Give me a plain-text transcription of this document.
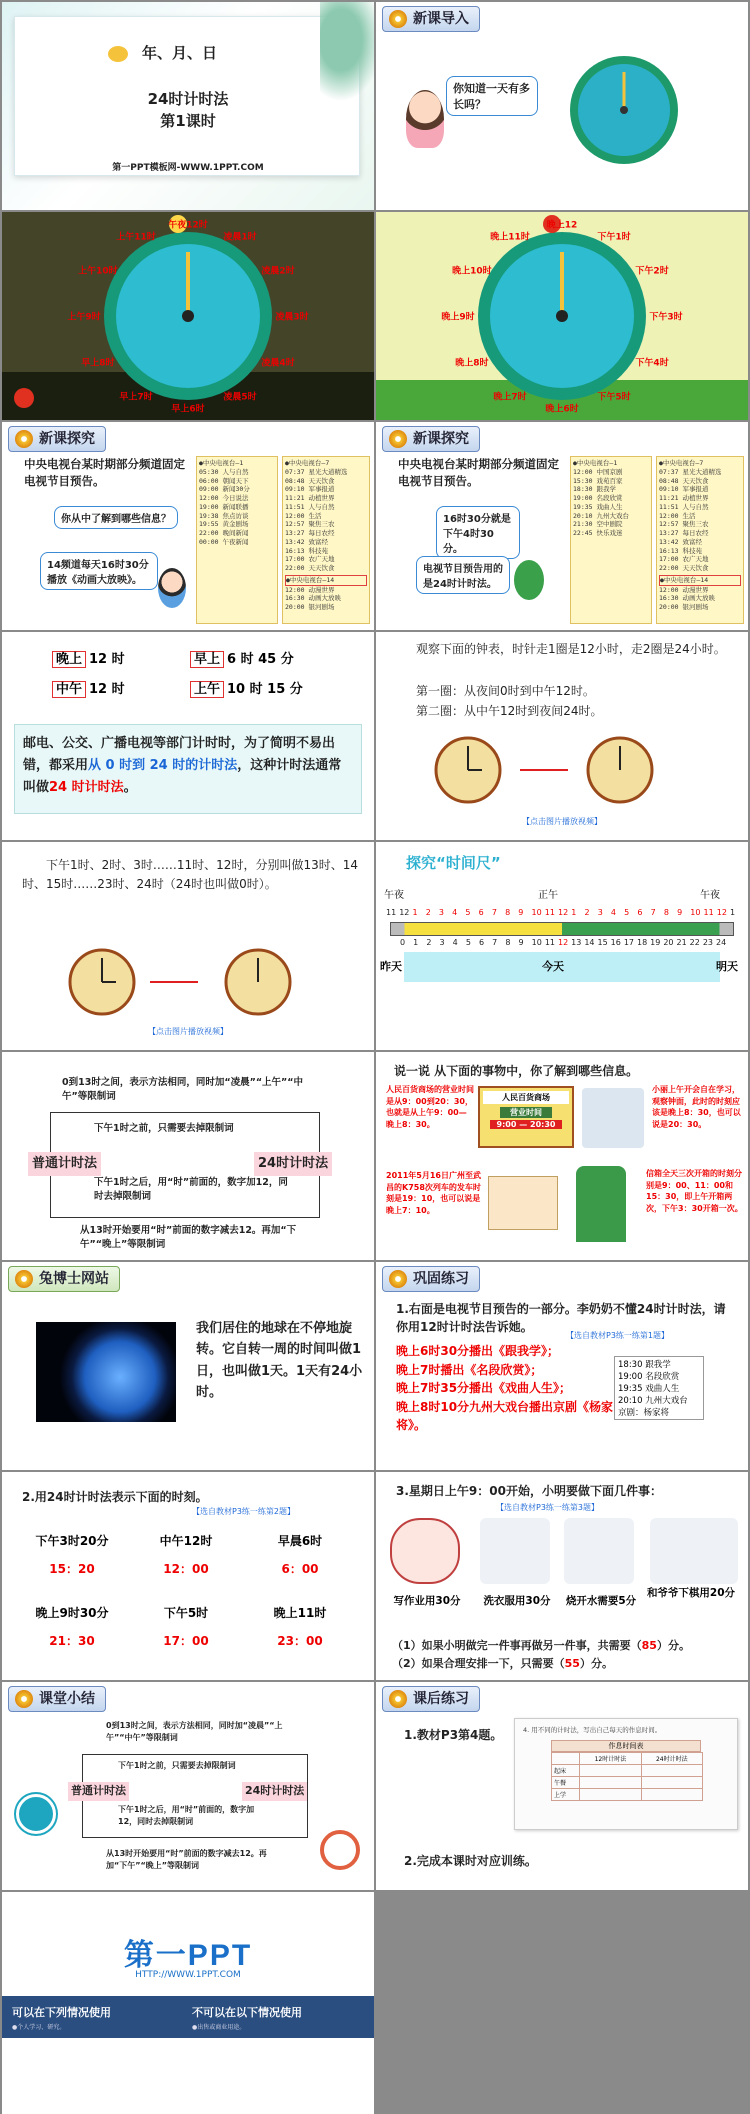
年、月、日
24时计时法
第1课时
第一PPT模板网-WWW.1PPT.COM
新课导入
你知道一天有多长吗？
午夜12时
凌晨1时
凌晨2时
凌晨3时
凌晨4时
凌晨5时
早上6时
早上7时
早上8时
上午9时
上午10时
上午11时
晚上12
下午1时
下午2时
下午3时
下午4时
下午5时
晚上6时
晚上7时
晚上8时
晚上9时
晚上10时
晚上11时
新课探究
中央电视台某时期部分频道固定电视节目预告。
你从中了解到哪些信息？
14频道每天16时30分播放《动画大放映》。
●中央电视台—1
05:30 人与自然
06:00 朝闻天下
09:00 新闻30分
12:00 今日说法
19:00 新闻联播
19:38 焦点访谈
19:55 黄金剧场
22:00 晚间新闻
00:00 午夜新闻
●中央电视台—7
07:37 星光大道精选
08:48 天天饮食
09:10 军事报道
11:21 动植世界
11:51 人与自然
12:00 生活
12:57 聚焦三农
13:27 每日农经
13:42 致富经
16:13 科技苑
17:00 农广天地
22:00 天天饮食
●中央电视台—14
12:00 动漫世界
16:30 动画大放映
20:00 银河剧场
新课探究
中央电视台某时期部分频道固定电视节目预告。
16时30分就是下午4时30分。
电视节目预告用的是24时计时法。
●中央电视台—1
12:00 中国京剧
15:30 戏苑百家
18:30 跟我学
19:00 名段欣赏
19:35 戏曲人生
20:10 九州大戏台
21:30 空中剧院
22:45 快乐戏迷
●中央电视台—7
07:37 星光大道精选
08:48 天天饮食
09:10 军事报道
11:21 动植世界
11:51 人与自然
12:00 生活
12:57 聚焦三农
13:27 每日农经
13:42 致富经
16:13 科技苑
17:00 农广天地
22:00 天天饮食
●中央电视台—14
12:00 动漫世界
16:30 动画大放映
20:00 银河剧场
晚上 12 时	早上 6 时 45 分
中午 12 时	上午 10 时 15 分
邮电、公交、广播电视等部门计时时，为了简明不易出错，都采用从 0 时到 24 时的计时法，这种计时法通常叫做24 时计时法。
观察下面的钟表，时针走1圈是12小时，走2圈是24小时。
第一圈：从夜间0时到中午12时。
第二圈：从中午12时到夜间24时。
【点击图片播放视频】
下午1时、2时、3时……11时、12时，分别叫做13时、14时、15时……23时、24时（24时也叫做0时）。
【点击图片播放视频】
探究“时间尺”
午夜	正午	午夜
11 12 1 2 3 4 5 6 7 8 9 10 11 12 1 2 3 4 5 6 7 8 9 10 11 12 1
0 1 2 3 4 5 6 7 8 9 10 11 12 13 14 15 16 17 18 19 20 21 22 23 24
昨天	今天	明天
0到13时之间，表示方法相同，同时加“凌晨”“上午”“中午”等限制词
下午1时之前，只需要去掉限制词
普通计时法	24时计时法
下午1时之后，用“时”前面的，数字加12，同时去掉限制词
从13时开始要用“时”前面的数字减去12。再加“下午”“晚上”等限制词
说一说 从下面的事物中，你了解到哪些信息。
人民百货商场的营业时间是从9：00到20：30，也就是从上午9：00—晚上8：30。
人民百货商场
营业时间
9:00 — 20:30
小丽上午开会自在学习，观察钟面，此时的时刻应该是晚上8：30，也可以说是20：30。
2011年5月16日广州至武昌的K758次列车的发车时刻是19：10，也可以说是晚上7：10。
信箱全天三次开箱的时刻分别是9：00、11：00和15：30，即上午开箱两次，下午3：30开箱一次。
兔博士网站
我们居住的地球在不停地旋转。它自转一周的时间叫做1日，也叫做1天。1天有24小时。
巩固练习
1.右面是电视节目预告的一部分。李奶奶不懂24时计时法，请你用12时计时法告诉她。
【选自教材P3练一练第1题】
晚上6时30分播出《跟我学》；
晚上7时播出《名段欣赏》；
晚上7时35分播出《戏曲人生》；
晚上8时10分九州大戏台播出京剧《杨家将》。
18:30 跟我学
19:00 名段欣赏
19:35 戏曲人生
20:10 九州大戏台
京剧：杨家将
2.用24时计时法表示下面的时刻。
【选自教材P3练一练第2题】
下午3时20分
15：20
中午12时
12：00
早晨6时
6：00
晚上9时30分
21：30
下午5时
17：00
晚上11时
23：00
3.星期日上午9：00开始，小明要做下面几件事：
【选自教材P3练一练第3题】
写作业用30分	洗衣服用30分	烧开水需要5分
和爷爷下棋用20分
（1）如果小明做完一件事再做另一件事，共需要（85）分。
（2）如果合理安排一下，只需要（55）分。
课堂小结
0到13时之间，表示方法相同，同时加“凌晨”“上午”“中午”等限制词
下午1时之前，只需要去掉限制词
普通计时法	24时计时法
下午1时之后，用“时”前面的，数字加12，同时去掉限制词
从13时开始要用“时”前面的数字减去12。再加“下午”“晚上”等限制词
课后练习
1.教材P3第4题。	4. 用不同的计时法，写出自己每天的作息时间。
作息时间表
	12时计时法	24时计时法
起床		
午餐		
上学		
2.完成本课时对应训练。
第一PPT
HTTP://WWW.1PPT.COM
可以在下列情况使用	不可以在以下情况使用
●个人学习、研究。	●出售或商业用途。
